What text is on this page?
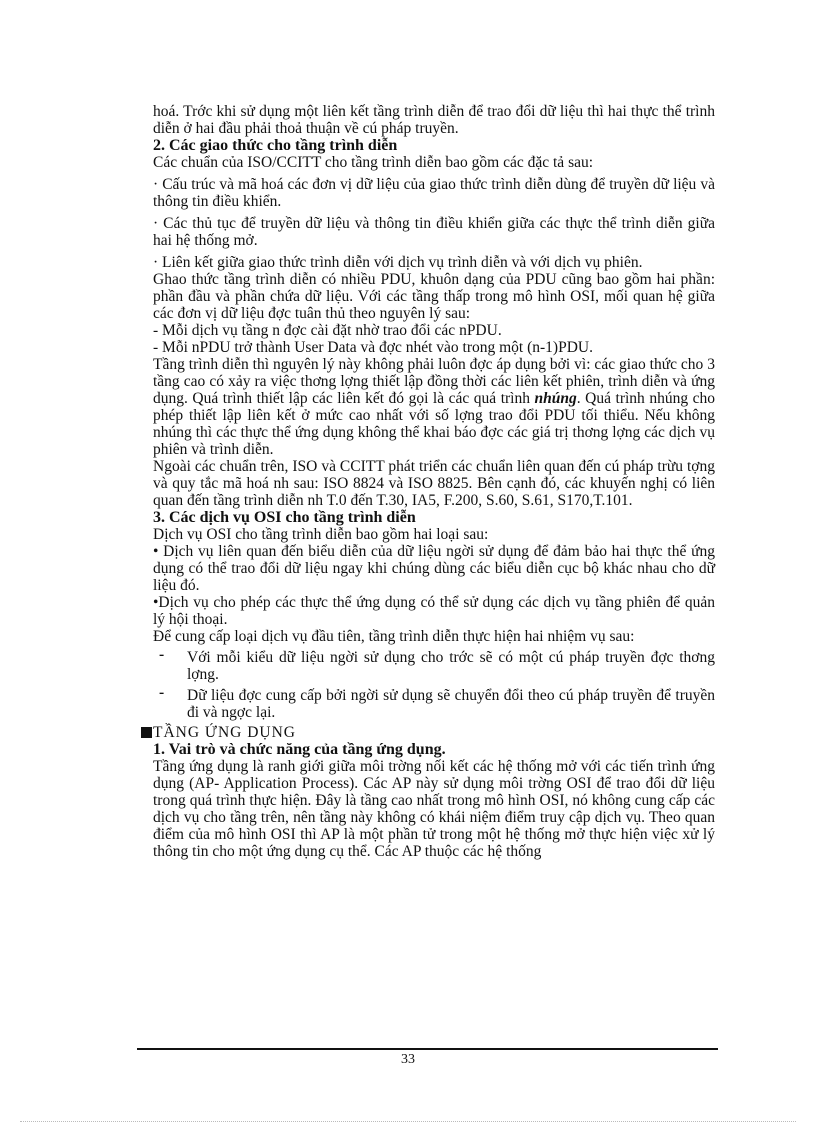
hoá. Trớc khi sử dụng một liên kết tầng trình diễn để trao đổi dữ liệu thì hai thực thể trình diễn ở hai đầu phải thoả thuận về cú pháp truyền.

2. Các giao thức cho tầng trình diễn

Các chuẩn của ISO/CCITT cho tầng trình diễn bao gồm các đặc tả sau:

· Cấu trúc và mã hoá các đơn vị dữ liệu của giao thức trình diễn dùng để truyền dữ liệu và thông tin điều khiển.

· Các thủ tục để truyền dữ liệu và thông tin điều khiển giữa các thực thể trình diễn giữa hai hệ thống mở.

· Liên kết giữa giao thức trình diễn với dịch vụ trình diễn và với dịch vụ phiên.

Ghao thức tầng trình diễn có nhiều PDU, khuôn dạng của PDU cũng bao gồm hai phần: phần đầu và phần chứa dữ liệu. Với các tầng thấp trong mô hình OSI, mối quan hệ giữa các đơn vị dữ liệu đợc tuân thủ theo nguyên lý sau:

- Mỗi dịch vụ tầng n đợc cài đặt nhờ trao đổi các nPDU.

- Mỗi nPDU trở thành User Data và đợc nhét vào trong một (n-1)PDU.

Tầng trình diễn thì nguyên lý này không phải luôn đợc áp dụng bởi vì: các giao thức cho 3 tầng cao có xảy ra việc thơng lợng thiết lập đồng thời các liên kết phiên, trình diễn và ứng dụng. Quá trình thiết lập các liên kết đó gọi là các quá trình nhúng. Quá trình nhúng cho phép thiết lập liên kết ở mức cao nhất với số lợng trao đổi PDU tối thiểu. Nếu không nhúng thì các thực thể ứng dụng không thể khai báo đợc các giá trị thơng lợng các dịch vụ phiên và trình diễn.

Ngoài các chuẩn trên, ISO và CCITT phát triển các chuẩn liên quan đến cú pháp trừu tợng và quy tắc mã hoá nh sau: ISO 8824 và ISO 8825. Bên cạnh đó, các khuyến nghị có liên quan đến tầng trình diễn nh T.0 đến T.30, IA5, F.200, S.60, S.61, S170,T.101.

3. Các dịch vụ OSI cho tầng trình diễn

Dịch vụ OSI cho tầng trình diễn bao gồm hai loại sau:

• Dịch vụ liên quan đến biểu diễn của dữ liệu ngời sử dụng để đảm bảo hai thực thể ứng dụng có thể trao đổi dữ liệu ngay khi chúng dùng các biểu diễn cục bộ khác nhau cho dữ liệu đó.

•Dịch vụ cho phép các thực thể ứng dụng có thể sử dụng các dịch vụ tầng phiên để quản lý hội thoại.

Để cung cấp loại dịch vụ đầu tiên, tầng trình diễn thực hiện hai nhiệm vụ sau:

- Với mỗi kiểu dữ liệu ngời sử dụng cho trớc sẽ có một cú pháp truyền đợc thơng lợng.
- Dữ liệu đợc cung cấp bởi ngời sử dụng sẽ chuyển đổi theo cú pháp truyền để truyền đi và ngợc lại.
TẦNG ỨNG DỤNG
1. Vai trò và chức năng của tầng ứng dụng.

Tầng ứng dụng là ranh giới giữa môi trờng nối kết các hệ thống mở với các tiến trình ứng dụng (AP- Application Process). Các AP này sử dụng môi trờng OSI để trao đổi dữ liệu trong quá trình thực hiện. Đây là tầng cao nhất trong mô hình OSI, nó không cung cấp các dịch vụ cho tầng trên, nên tầng này không có khái niệm điểm truy cập dịch vụ. Theo quan điểm của mô hình OSI thì AP là một phần tử trong một hệ thống mở thực hiện việc xử lý thông tin cho một ứng dụng cụ thể. Các AP thuộc các hệ thống

33
